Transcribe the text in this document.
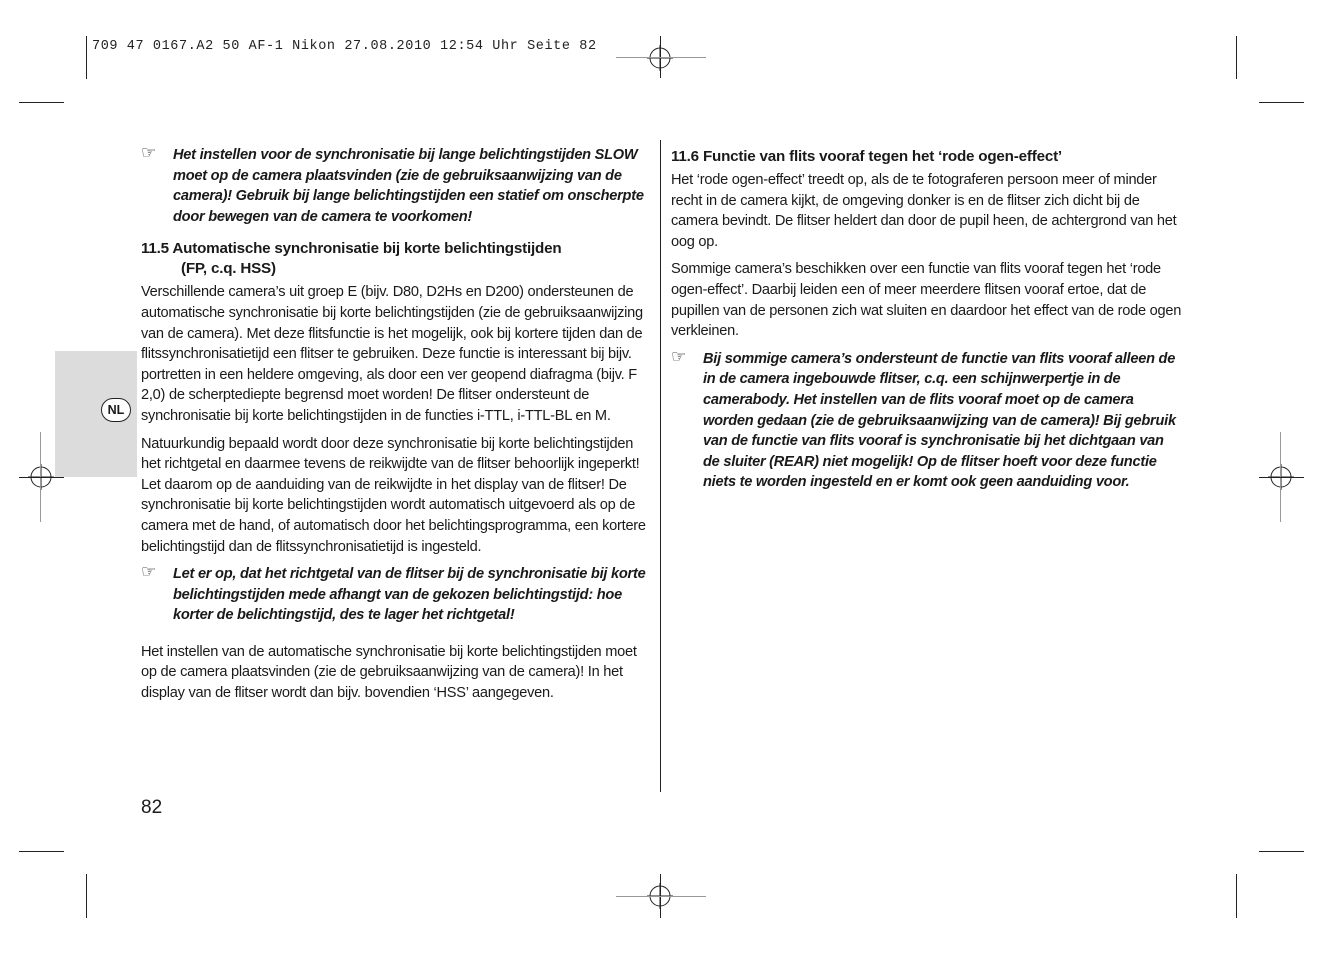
709 47 0167.A2 50 AF-1 Nikon 27.08.2010 12:54 Uhr Seite 82
NL
☞ Het instellen voor de synchronisatie bij lange belichtingstijden SLOW moet op de camera plaatsvinden (zie de gebruiksaanwijzing van de camera)! Gebruik bij lange belichtingstijden een statief om onscherpte door bewegen van de camera te voorkomen!
11.5 Automatische synchronisatie bij korte belichtingstijden
(FP, c.q. HSS)

Verschillende camera’s uit groep E (bijv. D80, D2Hs en D200) ondersteunen de automatische synchronisatie bij korte belichtingstijden (zie de gebruiksaanwijzing van de camera). Met deze flitsfunctie is het mogelijk, ook bij kortere tijden dan de flitssynchronisatietijd een flitser te gebruiken. Deze functie is interessant bij bijv. portretten in een heldere omgeving, als door een ver geopend diafragma (bijv. F 2,0) de scherptediepte begrensd moet worden! De flitser ondersteunt de synchronisatie bij korte belichtingstijden in de functies i-TTL, i-TTL-BL en M.

Natuurkundig bepaald wordt door deze synchronisatie bij korte belichtingstijden het richtgetal en daarmee tevens de reikwijdte van de flitser behoorlijk ingeperkt! Let daarom op de aanduiding van de reikwijdte in het display van de flitser! De synchronisatie bij korte belichtingstijden wordt automatisch uitgevoerd als op de camera met de hand, of automatisch door het belichtingsprogramma, een kortere belichtingstijd dan de flitssynchronisatietijd is ingesteld.

☞ Let er op, dat het richtgetal van de flitser bij de synchronisatie bij korte belichtingstijden mede afhangt van de gekozen belichtingstijd: hoe korter de belichtingstijd, des te lager het richtgetal!

Het instellen van de automatische synchronisatie bij korte belichtingstijden moet op de camera plaatsvinden (zie de gebruiksaanwijzing van de camera)! In het display van de flitser wordt dan bijv. bovendien ‘HSS’ aangegeven.

11.6 Functie van flits vooraf tegen het ‘rode ogen-effect’

Het ‘rode ogen-effect’ treedt op, als de te fotograferen persoon meer of minder recht in de camera kijkt, de omgeving donker is en de flitser zich dicht bij de camera bevindt. De flitser heldert dan door de pupil heen, de achtergrond van het oog op.

Sommige camera’s beschikken over een functie van flits vooraf tegen het ‘rode ogen-effect’. Daarbij leiden een of meer meerdere flitsen vooraf ertoe, dat de pupillen van de personen zich wat sluiten en daardoor het effect van de rode ogen verkleinen.

☞ Bij sommige camera’s ondersteunt de functie van flits vooraf alleen de in de camera ingebouwde flitser, c.q. een schijnwerpertje in de camerabody. Het instellen van de flits vooraf moet op de camera worden gedaan (zie de gebruiksaanwijzing van de camera)! Bij gebruik van de functie van flits vooraf is synchronisatie bij het dichtgaan van de sluiter (REAR) niet mogelijk! Op de flitser hoeft voor deze functie niets te worden ingesteld en er komt ook geen aanduiding voor.
82
